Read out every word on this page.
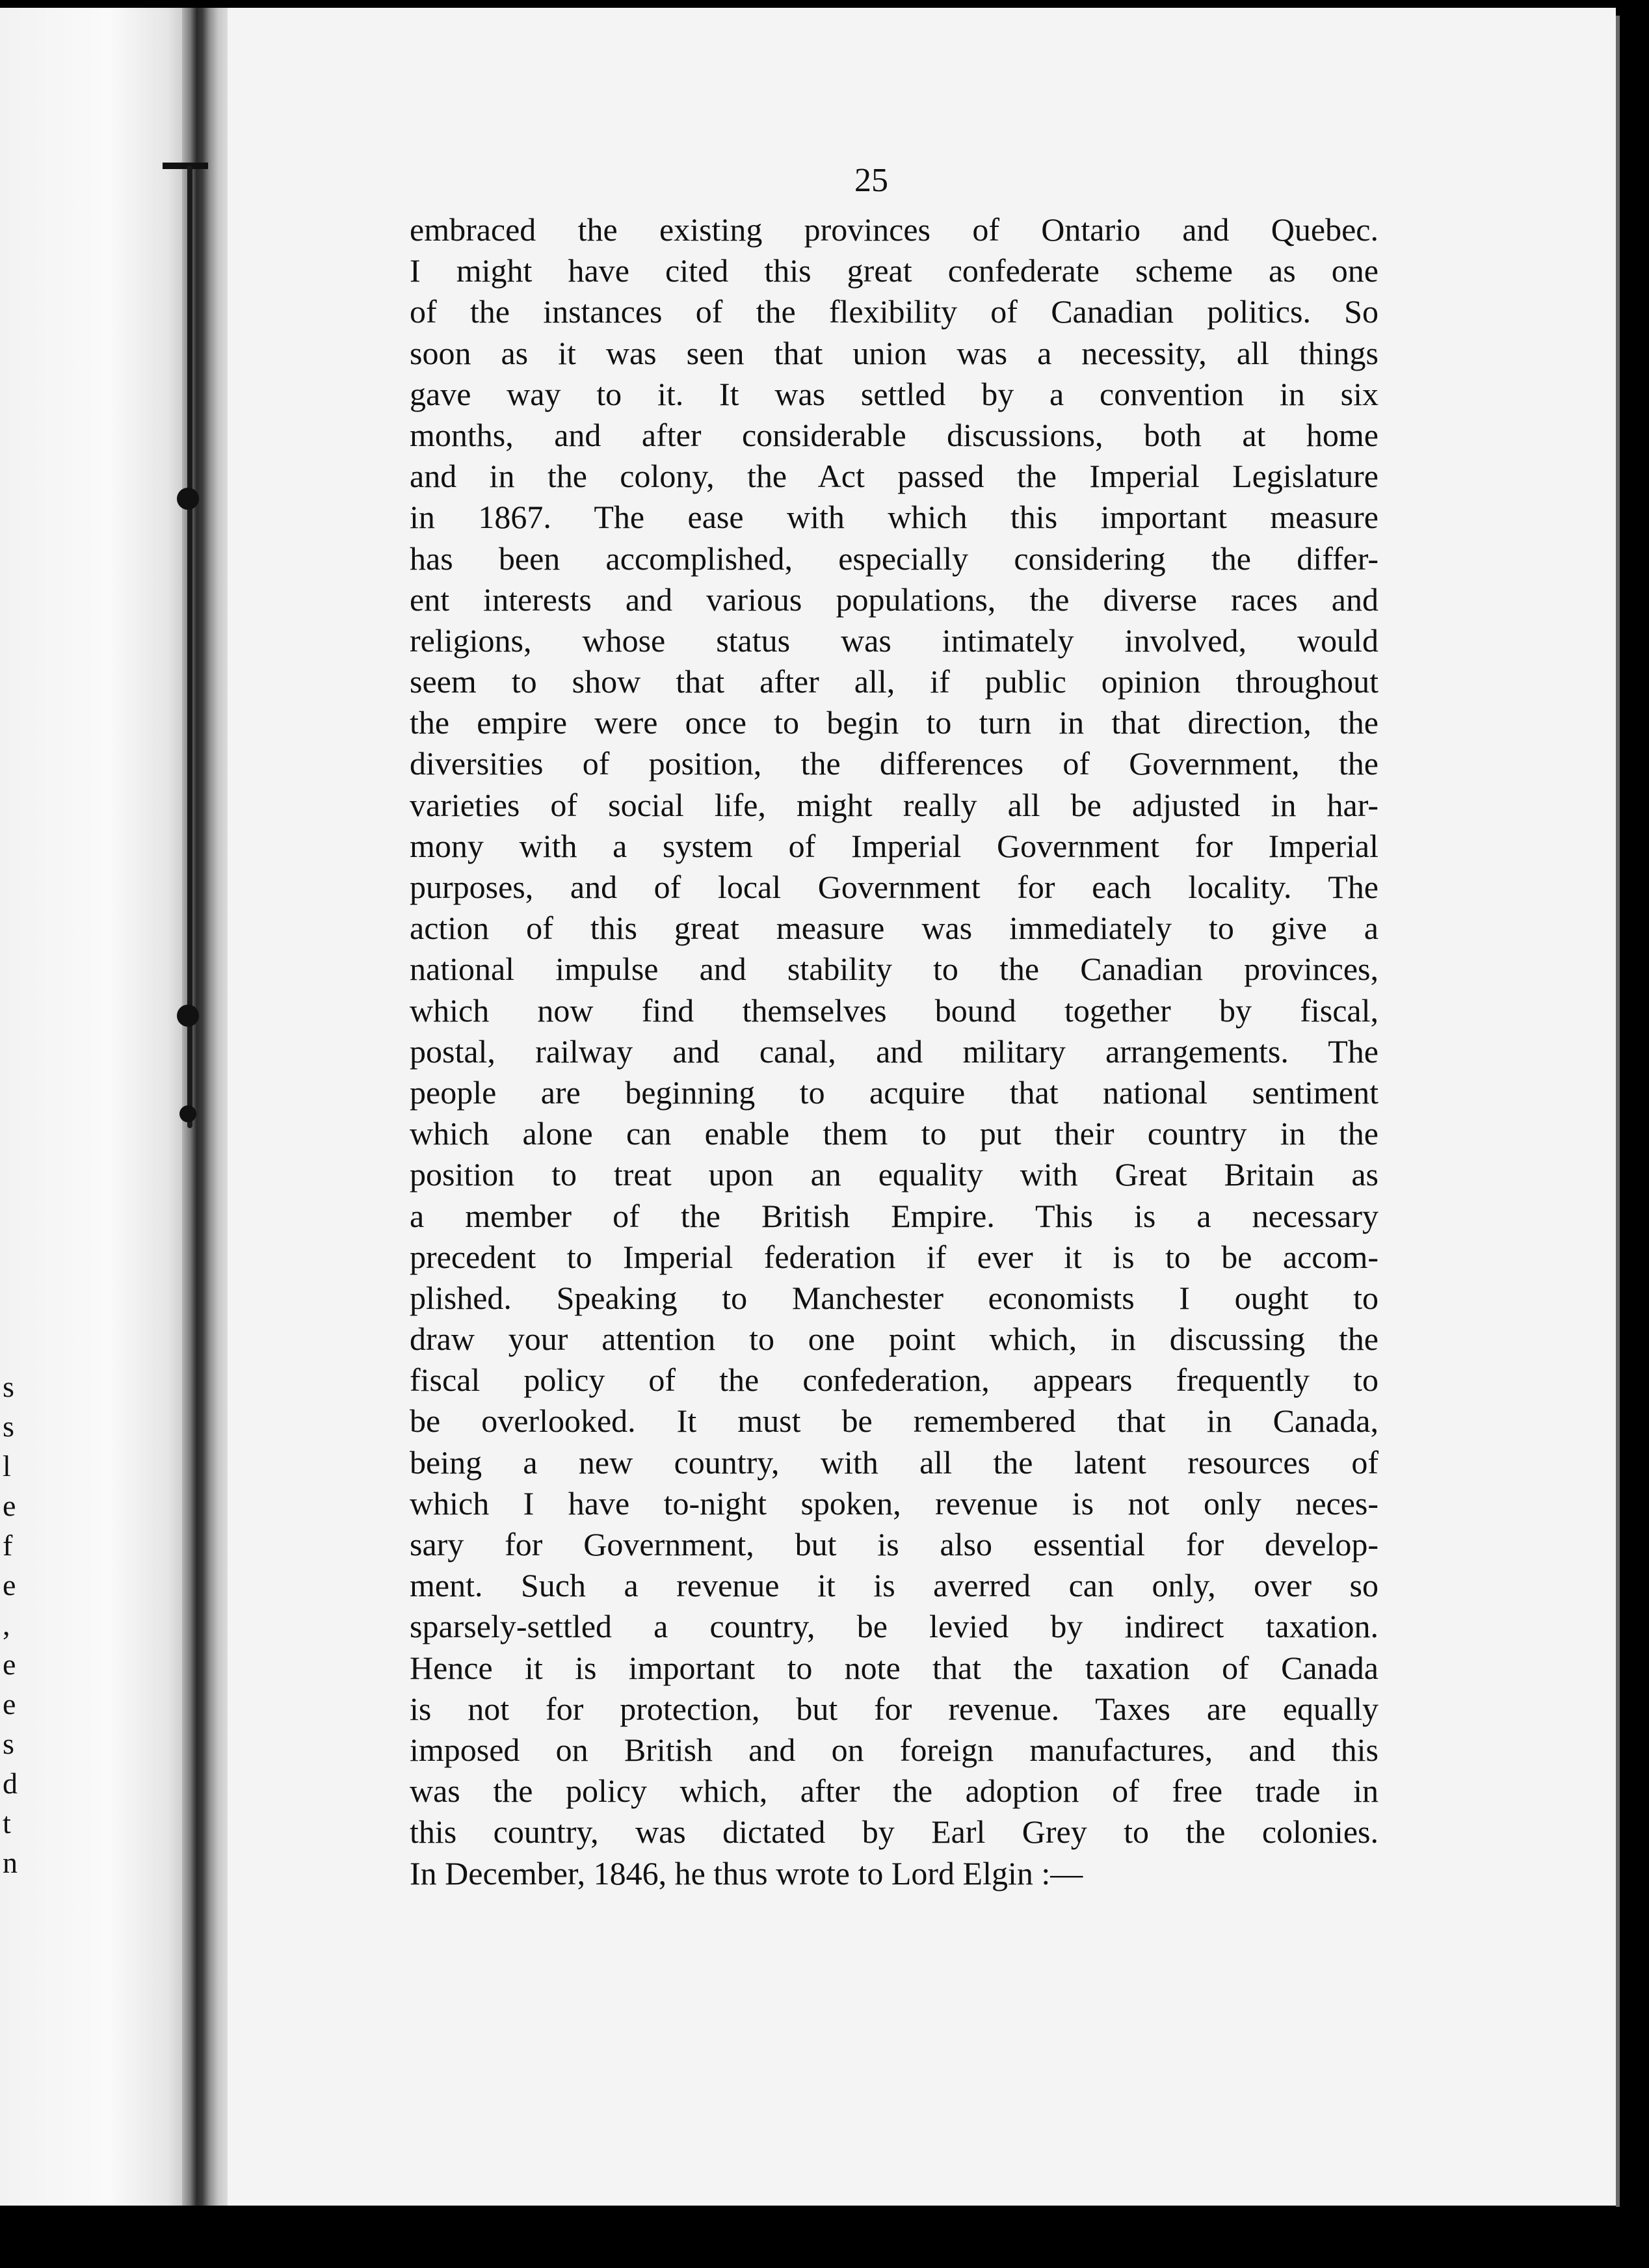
s
s
l
e
f
e
,
e
e
s
d
t
n
25
embraced the existing provinces of Ontario and Quebec.
I might have cited this great confederate scheme as one
of the instances of the flexibility of Canadian politics. So
soon as it was seen that union was a necessity, all things
gave way to it. It was settled by a convention in six
months, and after considerable discussions, both at home
and in the colony, the Act passed the Imperial Legislature
in 1867. The ease with which this important measure
has been accomplished, especially considering the differ-
ent interests and various populations, the diverse races and
religions, whose status was intimately involved, would
seem to show that after all, if public opinion throughout
the empire were once to begin to turn in that direction, the
diversities of position, the differences of Government, the
varieties of social life, might really all be adjusted in har-
mony with a system of Imperial Government for Imperial
purposes, and of local Government for each locality. The
action of this great measure was immediately to give a
national impulse and stability to the Canadian provinces,
which now find themselves bound together by fiscal,
postal, railway and canal, and military arrangements. The
people are beginning to acquire that national sentiment
which alone can enable them to put their country in the
position to treat upon an equality with Great Britain as
a member of the British Empire. This is a necessary
precedent to Imperial federation if ever it is to be accom-
plished. Speaking to Manchester economists I ought to
draw your attention to one point which, in discussing the
fiscal policy of the confederation, appears frequently to
be overlooked. It must be remembered that in Canada,
being a new country, with all the latent resources of
which I have to-night spoken, revenue is not only neces-
sary for Government, but is also essential for develop-
ment. Such a revenue it is averred can only, over so
sparsely-settled a country, be levied by indirect taxation.
Hence it is important to note that the taxation of Canada
is not for protection, but for revenue. Taxes are equally
imposed on British and on foreign manufactures, and this
was the policy which, after the adoption of free trade in
this country, was dictated by Earl Grey to the colonies.
In December, 1846, he thus wrote to Lord Elgin :—
